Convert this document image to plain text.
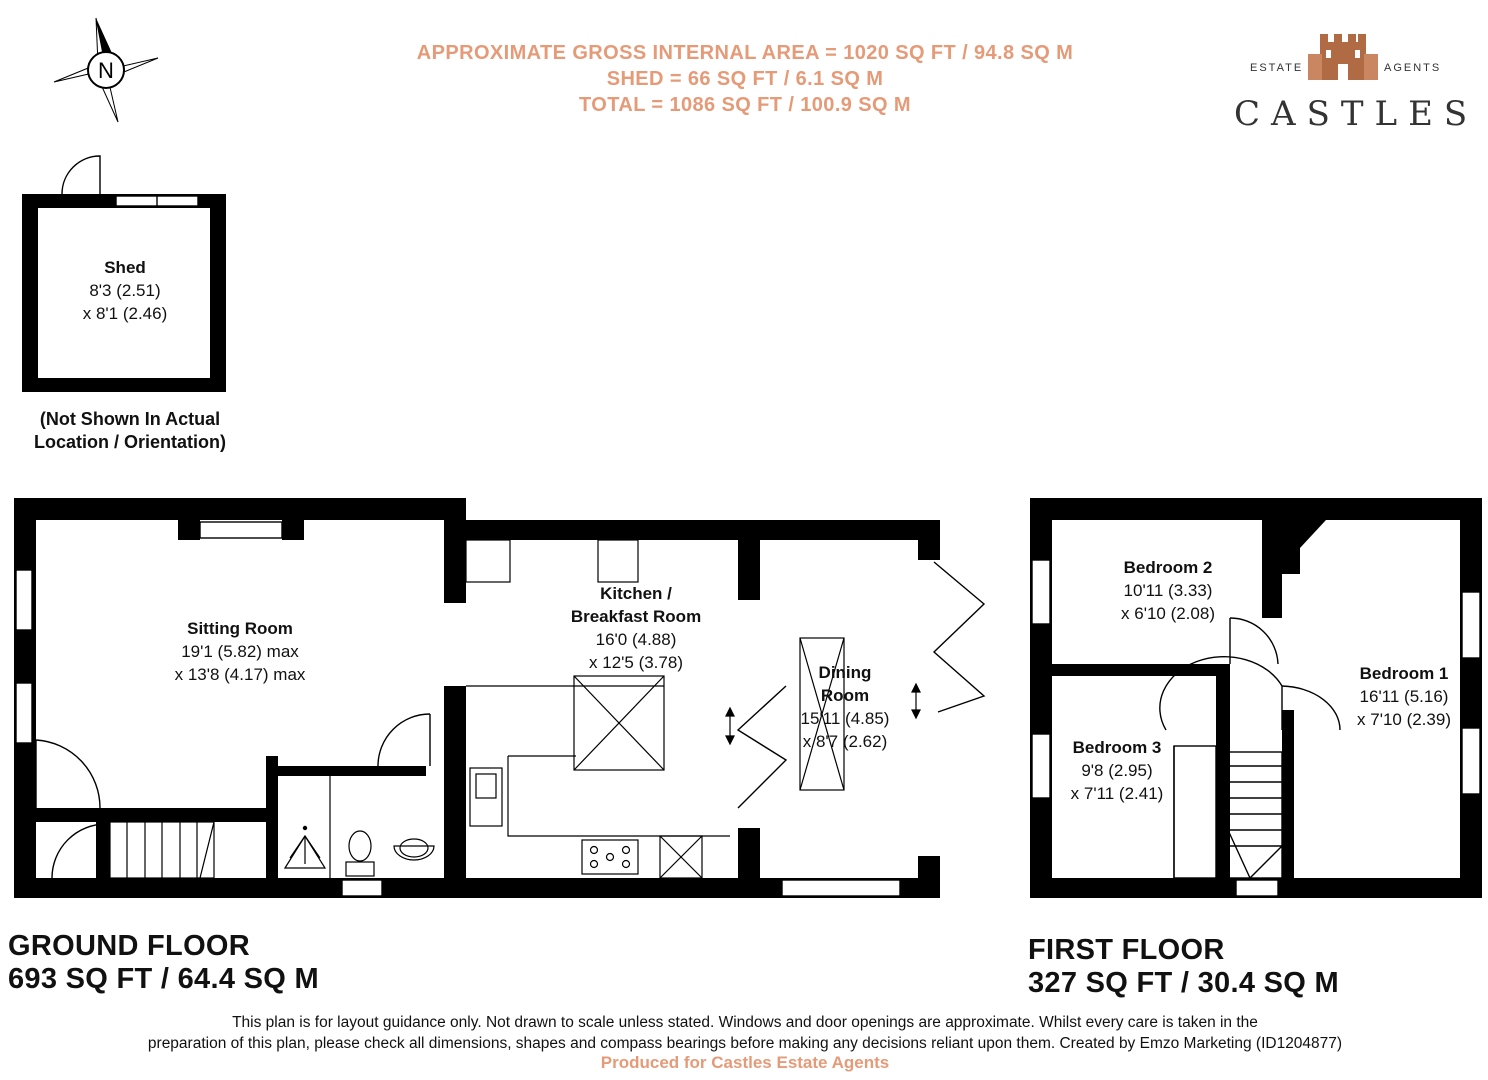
APPROXIMATE GROSS INTERNAL AREA = 1020 SQ FT / 94.8 SQ M
SHED = 66 SQ FT / 6.1 SQ M
TOTAL = 1086 SQ FT / 100.9 SQ M
ESTATE	AGENTS
CASTLES
N
Shed
8'3 (2.51)
x 8'1 (2.46)
(Not Shown In Actual
Location / Orientation)
Sitting Room
19'1 (5.82) max
x 13'8 (4.17) max
Kitchen /
Breakfast Room
16'0 (4.88)
x 12'5 (3.78)
Dining
Room
15'11 (4.85)
x 8'7 (2.62)
Bedroom 2
10'11 (3.33)
x 6'10 (2.08)
Bedroom 1
16'11 (5.16)
x 7'10 (2.39)
Bedroom 3
9'8 (2.95)
x 7'11 (2.41)
GROUND FLOOR
693 SQ FT / 64.4 SQ M
FIRST FLOOR
327 SQ FT / 30.4 SQ M
This plan is for layout guidance only. Not drawn to scale unless stated. Windows and door openings are approximate. Whilst every care is taken in the
preparation of this plan, please check all dimensions, shapes and compass bearings before making any decisions reliant upon them. Created by Emzo Marketing (ID1204877)
Produced for Castles Estate Agents
